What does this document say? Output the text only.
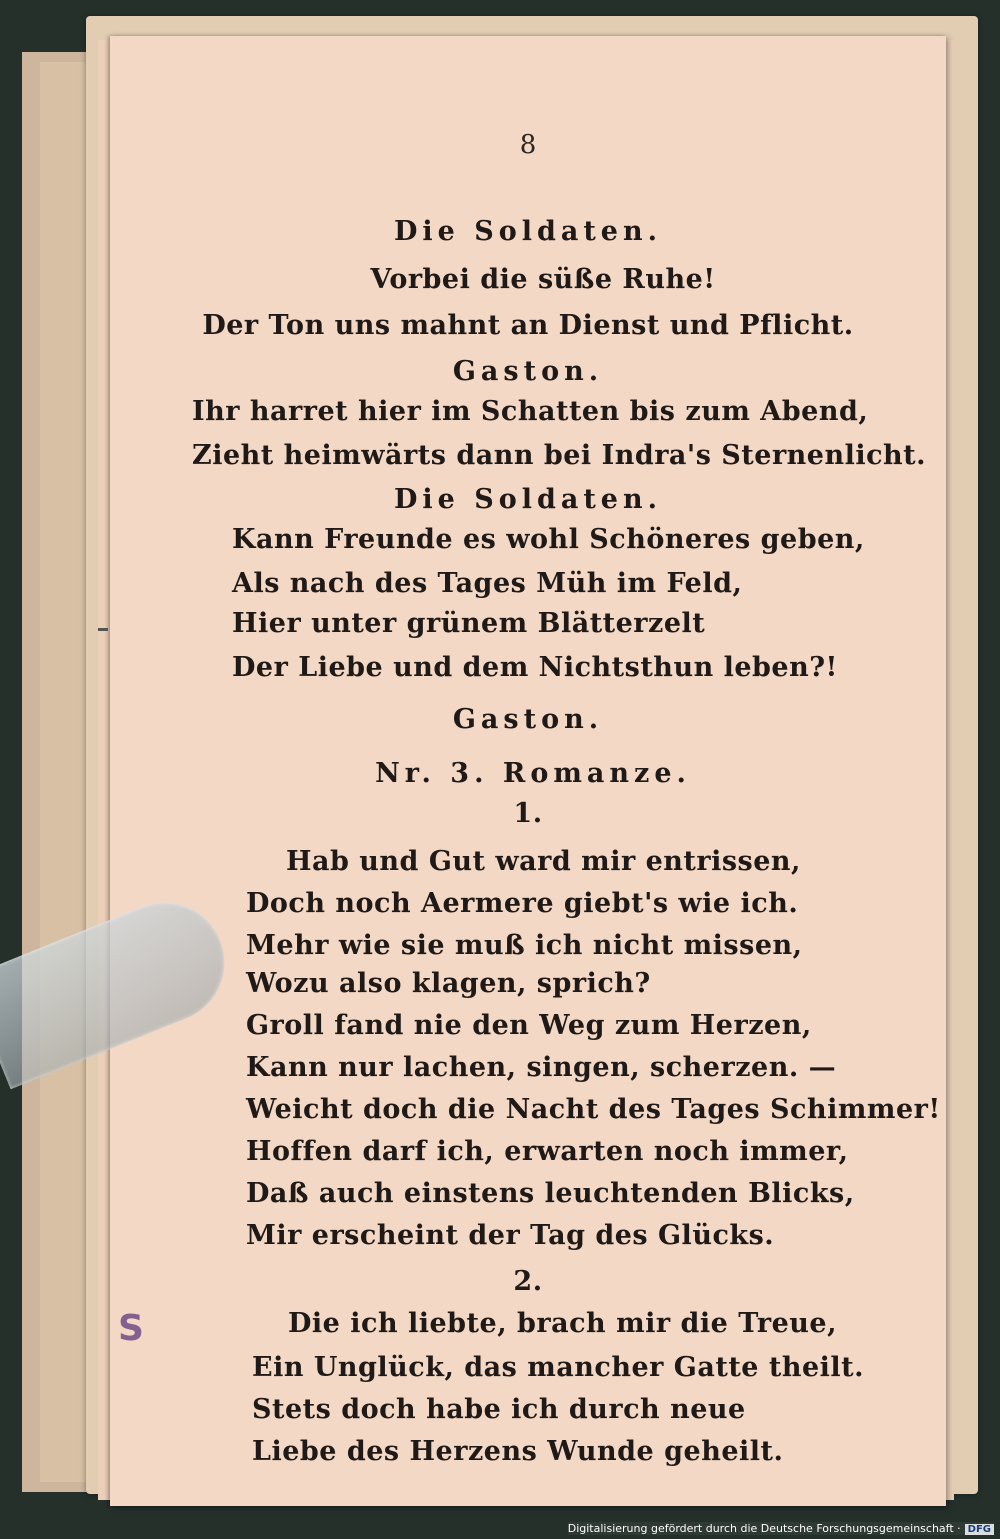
8
Die Soldaten.
Vorbei die süße Ruhe!
Der Ton uns mahnt an Dienst und Pflicht.
Gaston.
Ihr harret hier im Schatten bis zum Abend,
Zieht heimwärts dann bei Indra's Sternenlicht.
Die Soldaten.
Kann Freunde es wohl Schöneres geben,
Als nach des Tages Müh im Feld,
Hier unter grünem Blätterzelt
Der Liebe und dem Nichtsthun leben?!
Gaston.
Nr. 3. Romanze.
1.
Hab und Gut ward mir entrissen,
Doch noch Aermere giebt's wie ich.
Mehr wie sie muß ich nicht missen,
Wozu also klagen, sprich?
Groll fand nie den Weg zum Herzen,
Kann nur lachen, singen, scherzen. —
Weicht doch die Nacht des Tages Schimmer!
Hoffen darf ich, erwarten noch immer,
Daß auch einstens leuchtenden Blicks,
Mir erscheint der Tag des Glücks.
2.
Die ich liebte, brach mir die Treue,
Ein Unglück, das mancher Gatte theilt.
Stets doch habe ich durch neue
Liebe des Herzens Wunde geheilt.
S
Digitalisierung gefördert durch die Deutsche Forschungsgemeinschaft · DFG
